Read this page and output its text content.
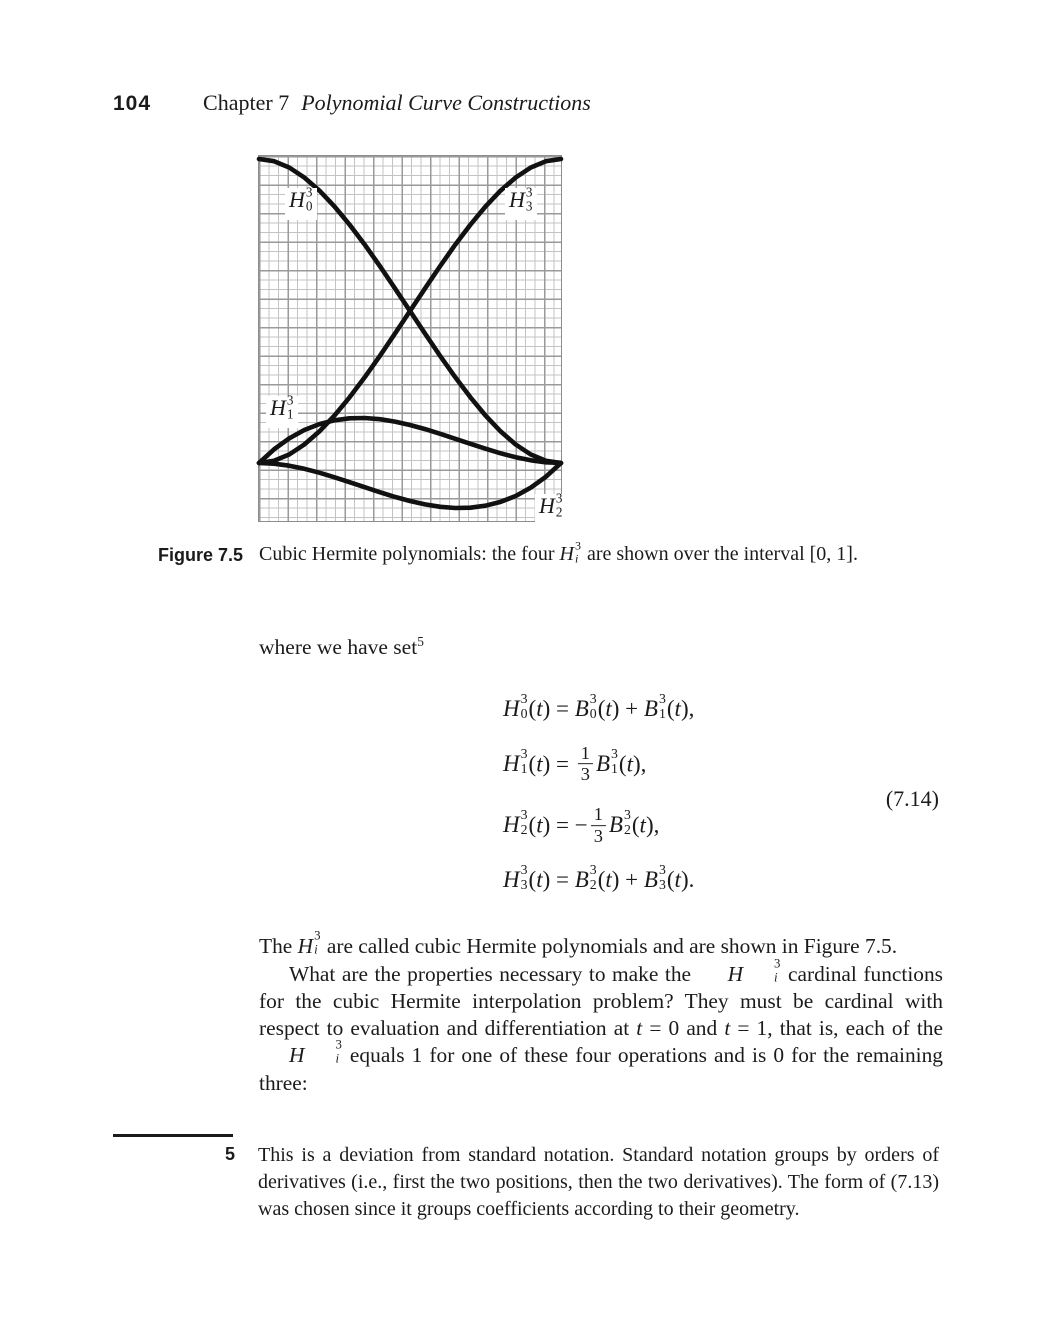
104 Chapter 7 Polynomial Curve Constructions
H 3
0	H 3
3
H 3
1
H 3
2
Figure 7.5 Cubic Hermite polynomials: the four H 3
i are shown over the interval [0, 1].
where we have set$^5$
H 3
0 (t) = B 3
0 (t) + B 3
1 (t),
H 3
1 $(t) = \frac{1}{3}$ B 3
1 (t),
H 3
2 (t) = − $\frac{1}{3}$ B 3
2 (t),
H 3
3 (t) = B 3
2 (t) + B 3
3 (t).
(7.14)

The H 3
i are called cubic Hermite polynomials and are shown in Figure 7.5.

What are the properties necessary to make the	H	3
i cardinal functions for the cubic Hermite interpolation problem? They must be cardinal with respect to evaluation and differentiation at t = 0 and t = 1, that is, each of the
H	3
i equals 1 for one of these four operations and is 0 for the remaining three:

5 This is a deviation from standard notation. Standard notation groups by orders of derivatives (i.e., first the two positions, then the two derivatives). The form of (7.13) was chosen since it groups coefficients according to their geometry.
